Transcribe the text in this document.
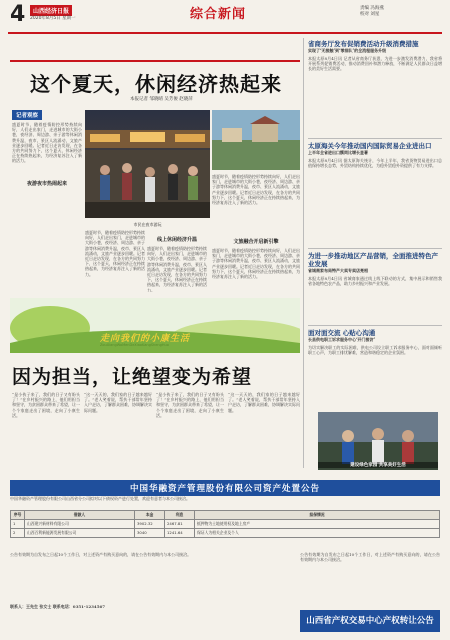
4	山西经济日报
2020年8月5日 星期一	综合新闻	责编 冯海燕
校对 刘星
这个夏天，休闲经济热起来
本报记者 邹晓晴 吴芳俊 赵晓萍
记者观察
盛夏时节，随着疫情防控形势持续向好，人们走出家门，走进城市的大街小巷，夜经济、周边游、亲子游等休闲消费升温，夜市、景区人流涌动，文旅产业逐步回暖。记者近日走访发现，在各方的共同努力下，这个夏天，休闲经济正在持续热起来，为经济复苏注入了新的活力。
夜游夜市热闹起来
市民在夜市游玩
盛夏时节，随着疫情防控形势持续向好，人们走出家门，走进城市的大街小巷，夜经济、周边游、亲子游等休闲消费升温，夜市、景区人流涌动，文旅产业逐步回暖。记者近日走访发现，在各方的共同努力下，这个夏天，休闲经济正在持续热起来，为经济复苏注入了新的活力。
线上休闲经济升温
盛夏时节，随着疫情防控形势持续向好，人们走出家门，走进城市的大街小巷，夜经济、周边游、亲子游等休闲消费升温，夜市、景区人流涌动，文旅产业逐步回暖。记者近日走访发现，在各方的共同努力下，这个夏天，休闲经济正在持续热起来，为经济复苏注入了新的活力。
盛夏时节，随着疫情防控形势持续向好，人们走出家门，走进城市的大街小巷，夜经济、周边游、亲子游等休闲消费升温，夜市、景区人流涌动，文旅产业逐步回暖。记者近日走访发现，在各方的共同努力下，这个夏天，休闲经济正在持续热起来，为经济复苏注入了新的活力。
文旅融合开启新引擎
盛夏时节，随着疫情防控形势持续向好，人们走出家门，走进城市的大街小巷，夜经济、周边游、亲子游等休闲消费升温，夜市、景区人流涌动，文旅产业逐步回暖。记者近日走访发现，在各方的共同努力下，这个夏天，休闲经济正在持续热起来，为经济复苏注入了新的活力。
省商务厅发布促销费活动升级消费措施
实现了‘无接触’到‘零排队’的全流程服务升级
本报太原8月4日讯 记者从省商务厅获悉，为进一步激发消费潜力，我省将开展系列促销费活动，推动消费回补和潜力释放，不断满足人民群众日益增长的美好生活需要。
太原海关今年推动国内国际贸易企业进出口
上半年全省进出口额同比增长显著
本报太原8月4日讯 据太原海关统计，今年上半年，我省货物贸易进出口总值保持增长态势，外贸结构持续优化，为稳外贸稳外资提供了有力支撑。
为进一步推动地区产品营销，全面推进特色产业发展
省城商家布局特产大卖专卖店亮相
本报太原8月4日讯 省城商家通过线上线下联动的方式，集中展示和销售我省各地特色农产品，助力乡村振兴和产业发展。
面对面交流 心贴心沟通
长县供电职工诉求服务中心‘开门接访’
为切实解决职工的实际困难，供电公司设立职工诉求服务中心，面对面倾听职工心声，为职工排忧解难，营造和谐稳定的企业氛围。
建设绿色家园 共享美好生活
走向我们的小康生活
ZouXiangWoMenDeXiaoKangShengHuo
因为担当，让绝望变为希望
“是小伙子来了，我们的日子又有盼头了！”在乡村振兴的路上，他们用担当和坚守，为贫困群众带来了希望，让一个个家庭走出了困境，走向了小康生活。
“这一天天的，我们家的日子越来越好了。”老人笑着说，帮扶干部常年坚持入户走访，了解群众困难，协调解决实际问题。
“是小伙子来了，我们的日子又有盼头了！”在乡村振兴的路上，他们用担当和坚守，为贫困群众带来了希望，让一个个家庭走出了困境，走向了小康生活。
“这一天天的，我们家的日子越来越好了。”老人笑着说，帮扶干部常年坚持入户走访，了解群众困难，协调解决实际问题。
中国华融资产管理股份有限公司资产处置公告
中国华融资产管理股份有限公司山西省分公司拟对以下债权资产进行处置，欢迎有意者与本公司接洽。
序号	借款人	本金	利息	担保情况
1	山西建兴新材料有限公司	3902.32	2467.81	抵押物为土地使用权及地上房产
2	山西百利新能源发展有限公司	3040	1241.64	保证人为相关企业及个人
公告有效期为自发布之日起10个工作日，对上述资产有购买意向的，请在公告有效期内与本公司接洽。
联系人：王先生 张女士 联系电话：0351-1234567
公告有效期为自发布之日起10个工作日，对上述资产有购买意向的，请在公告有效期内与本公司接洽。
山西省产权交易中心产权转让公告
